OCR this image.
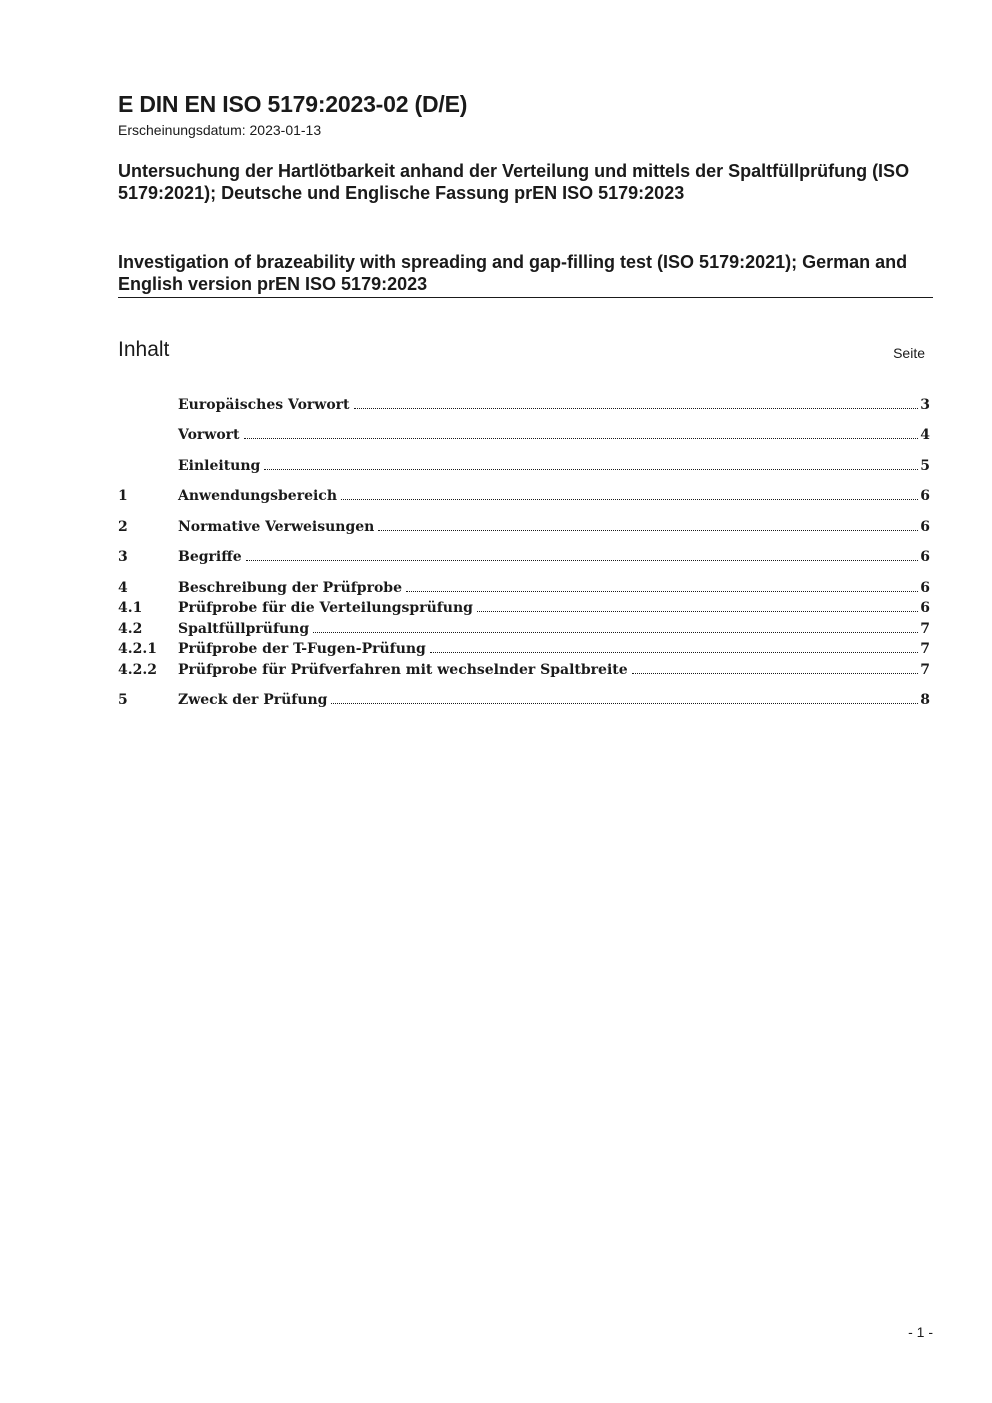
E DIN EN ISO 5179:2023-02 (D/E)
Erscheinungsdatum: 2023-01-13
Untersuchung der Hartlötbarkeit anhand der Verteilung und mittels der Spaltfüllprüfung (ISO 5179:2021); Deutsche und Englische Fassung prEN ISO 5179:2023
Investigation of brazeability with spreading and gap-filling test (ISO 5179:2021); German and English version prEN ISO 5179:2023
Inhalt	Seite
Europäisches Vorwort	3
Vorwort	4
Einleitung	5
1	Anwendungsbereich	6
2	Normative Verweisungen	6
3	Begriffe	6
4	Beschreibung der Prüfprobe	6
4.1	Prüfprobe für die Verteilungsprüfung	6
4.2	Spaltfüllprüfung	7
4.2.1	Prüfprobe der T-Fugen-Prüfung	7
4.2.2	Prüfprobe für Prüfverfahren mit wechselnder Spaltbreite	7
5	Zweck der Prüfung	8
- 1 -
